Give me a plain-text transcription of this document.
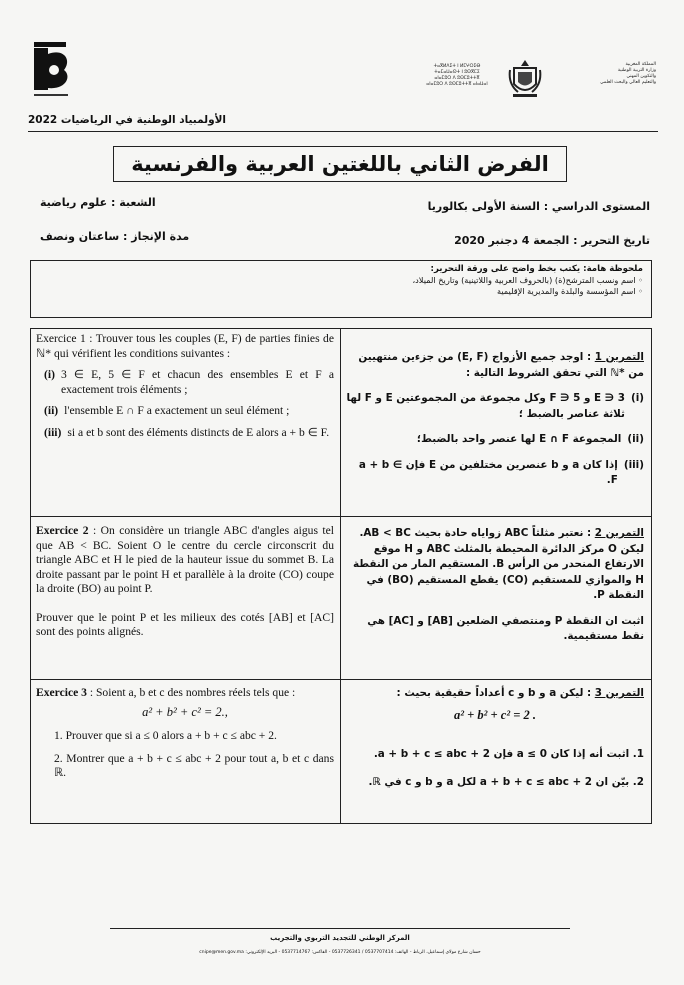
المملكة المغربية
وزارة التربية الوطنية
والتكوين المهني
والتعليم العالي والبحث العلمي
ⵜⴰⴳⵍⴷⵉⵜ ⵏ ⵍⵎⵖⵔⵉⴱ
ⵜⴰⵎⴰⵡⴰⵙⵜ ⵏ ⵓⵙⴳⵎⵉ
ⴰⵏⴰⵎⵓⵔ ⴷ ⵓⵙⵎⵓⵜⵜⴳ
ⴰⵏⴰⵎⵓⵔ ⴷ ⵓⵙⵎⵓⵜⵜⴳ ⴰⵏⴰⵡⴰⵏ
الأولمبياد الوطنية في الرياضيات 2022
الفرض الثاني باللغتين العربية والفرنسية
المستوى الدراسي : السنة الأولى بكالوريا
الشعبة : علوم رياضية
تاريخ التحرير : الجمعة 4 دجنبر 2020
مدة الإنجاز : ساعتان ونصف
ملحوظة هامة: يكتب بخط واضح على ورقة التحرير:
◦ اسم ونسب المترشح(ة) (بالحروف العربية واللاتينية) وتاريخ الميلاد،
◦ اسم المؤسسة والبلدة والمديرية الإقليمية
Exercice 1 : Trouver tous les couples (E, F) de parties finies de ℕ* qui vérifient les conditions suivantes :
(i) 3 ∈ E, 5 ∈ F et chacun des ensembles E et F a exactement trois éléments ;
(ii) l'ensemble E ∩ F a exactement un seul élément ;
(iii) si a et b sont des éléments distincts de E alors a + b ∈ F.
التمرين 1 : اوجد جميع الأزواج (E, F) من جزءين منتهيين من *ℕ التي تحقق الشروط التالية :
(i)
E ∋ 3 و F ∋ 5 وكل مجموعة من المجموعتين E و F لها ثلاثة عناصر بالضبط ؛
(ii)
المجموعة E ∩ F لها عنصر واحد بالضبط؛
(iii)
إذا كان a و b عنصرين مختلفين من E فإن a + b ∈ F.
Exercice 2 : On considère un triangle ABC d'angles aigus tel que AB < BC. Soient O le centre du cercle circonscrit du triangle ABC et H le pied de la hauteur issue du sommet B. La droite passant par le point H et parallèle à la droite (CO) coupe la droite (BO) au point P.
Prouver que le point P et les milieux des cotés [AB] et [AC] sont des points alignés.
التمرين 2 : نعتبر مثلثاً ABC زواياه حادة بحيث AB < BC. ليكن O مركز الدائرة المحيطة بالمثلث ABC و H موقع الارتفاع المنحدر من الرأس B. المستقيم المار من النقطة H والموازي للمستقيم (CO) يقطع المستقيم (BO) في النقطة P.
اثبت ان النقطة P ومنتصفي الضلعين [AB] و [AC] هي نقط مستقيمية.
Exercice 3 : Soient a, b et c des nombres réels tels que :
a² + b² + c² = 2.,
1. Prouver que si a ≤ 0 alors a + b + c ≤ abc + 2.
2. Montrer que a + b + c ≤ abc + 2 pour tout a, b et c dans ℝ.
التمرين 3 : ليكن a و b و c أعداداً حقيقية بحيث :
a² + b² + c² = 2 .
1. اثبت أنه إذا كان a ≤ 0 فإن a + b + c ≤ abc + 2.
2. بيّن ان a + b + c ≤ abc + 2 لكل a و b و c في ℝ.
المركز الوطني للتجديد التربوي والتجريب
حسان شارع مولاي إسماعيل، الرباط - الهاتف: 0537707414 / 0537726341 - الفاكس: 0537714767 - البريد الإلكتروني: cnipe@men.gov.ma
